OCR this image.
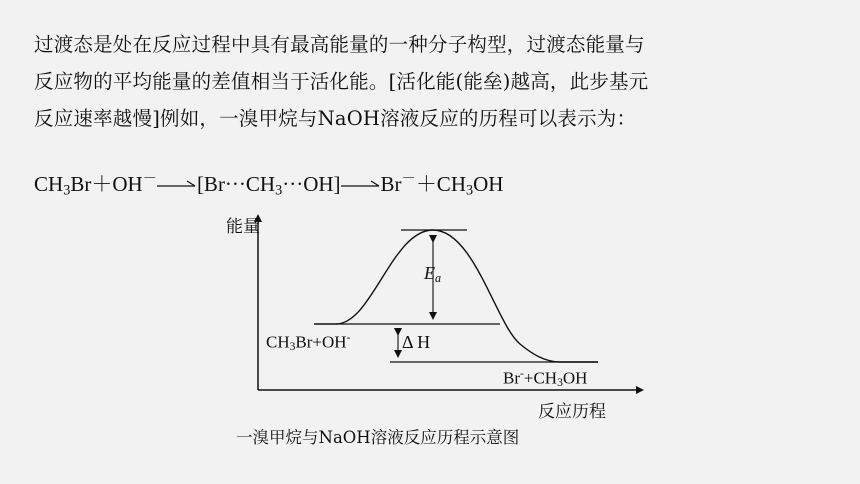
过渡态是处在反应过程中具有最高能量的一种分子构型，过渡态能量与
反应物的平均能量的差值相当于活化能。[活化能(能垒)越高，此步基元
反应速率越慢]例如，一溴甲烷与NaOH溶液反应的历程可以表示为：

$CH_3Br+OH^-\to[Br\cdot\cdot\cdot CH_3\cdot\cdot\cdot OH]\to Br^-+CH_3OH$

能量
反应历程
$E_a$
Δ H
$CH_3Br+OH^-$
$Br^-+CH_3OH$
一溴甲烷与NaOH溶液反应历程示意图
